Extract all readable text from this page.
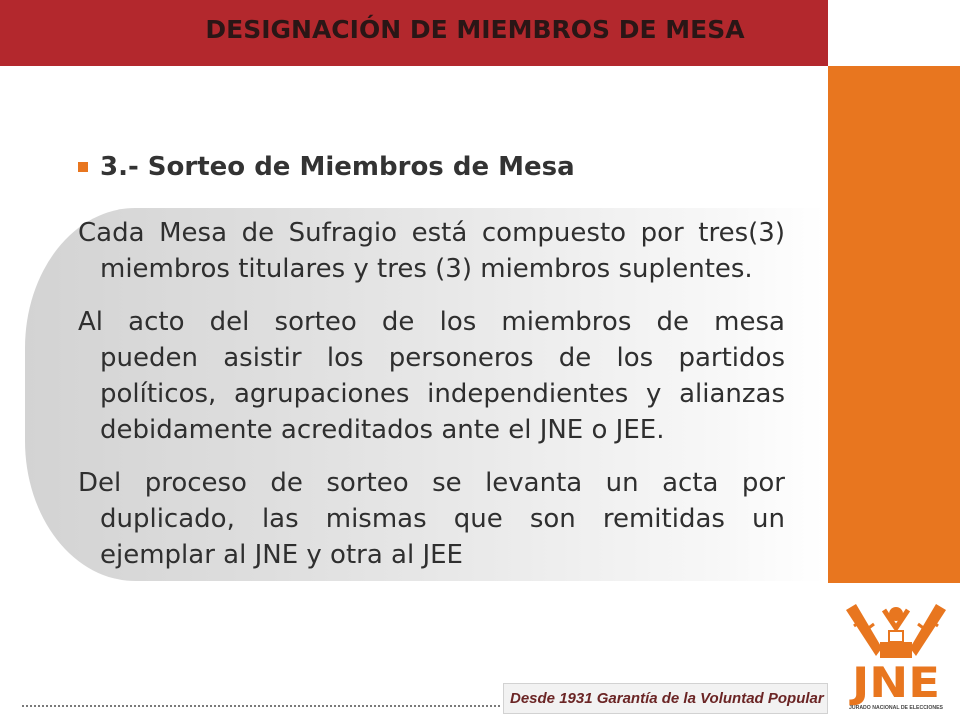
DESIGNACIÓN DE MIEMBROS DE MESA
3.- Sorteo de Miembros de Mesa
Cada Mesa de Sufragio está compuesto por tres(3)
miembros titulares y tres (3) miembros suplentes.
Al acto del sorteo de los miembros de mesa
pueden asistir los personeros de los partidos
políticos, agrupaciones independientes y alianzas
debidamente acreditados ante el JNE o JEE.
Del proceso de sorteo se levanta un acta por
duplicado, las mismas que son remitidas un
ejemplar al JNE y otra al JEE
Desde 1931 Garantía de la Voluntad Popular JNE
JURADO NACIONAL DE ELECCIONES
